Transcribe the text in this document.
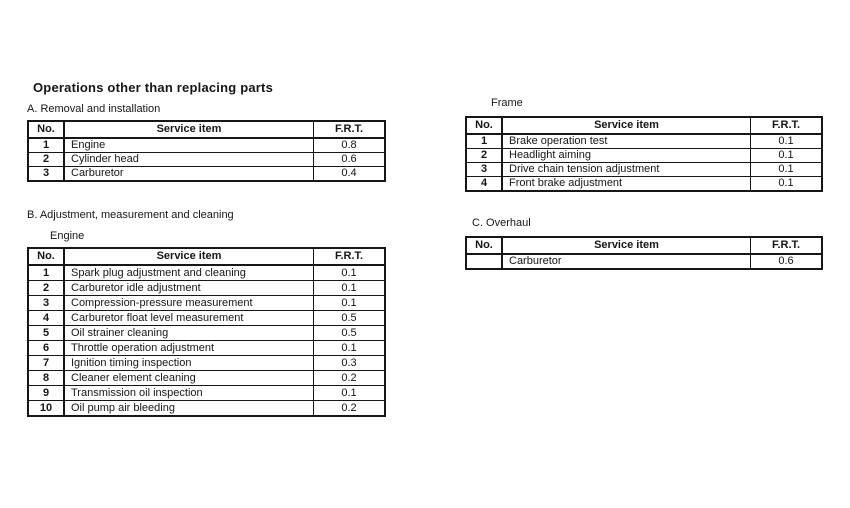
Operations other than replacing parts
A. Removal and installation
No.	Service item	F.R.T.
1	Engine	0.8
2	Cylinder head	0.6
3	Carburetor	0.4
B. Adjustment, measurement and cleaning
Engine
No.	Service item	F.R.T.
1	Spark plug adjustment and cleaning	0.1
2	Carburetor idle adjustment	0.1
3	Compression-pressure measurement	0.1
4	Carburetor float level measurement	0.5
5	Oil strainer cleaning	0.5
6	Throttle operation adjustment	0.1
7	Ignition timing inspection	0.3
8	Cleaner element cleaning	0.2
9	Transmission oil inspection	0.1
10	Oil pump air bleeding	0.2
Frame
No.	Service item	F.R.T.
1	Brake operation test	0.1
2	Headlight aiming	0.1
3	Drive chain tension adjustment	0.1
4	Front brake adjustment	0.1
C. Overhaul
No.	Service item	F.R.T.
	Carburetor	0.6
